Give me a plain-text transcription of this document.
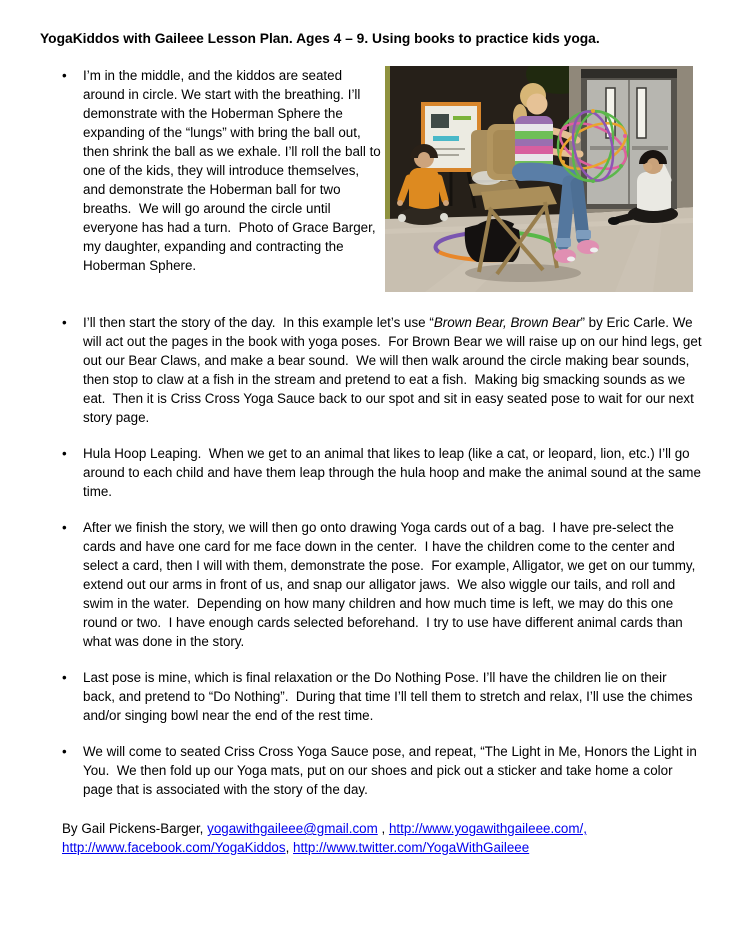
YogaKiddos with Gaileee Lesson Plan. Ages 4 – 9. Using books to practice kids yoga.

• I’m in the middle, and the kiddos are seated around in circle. We start with the breathing. I’ll demonstrate with the Hoberman Sphere the expanding of the “lungs” with bring the ball out, then shrink the ball as we exhale. I’ll roll the ball to one of the kids, they will introduce themselves, and demonstrate the Hoberman ball for two breaths.  We will go around the circle until everyone has had a turn.  Photo of Grace Barger, my daughter, expanding and contracting the Hoberman Sphere.
• I’ll then start the story of the day.  In this example let’s use “Brown Bear, Brown Bear” by Eric Carle. We will act out the pages in the book with yoga poses.  For Brown Bear we will raise up on our hind legs, get out our Bear Claws, and make a bear sound.  We will then walk around the circle making bear sounds, then stop to claw at a fish in the stream and pretend to eat a fish.  Making big smacking sounds as we eat.  Then it is Criss Cross Yoga Sauce back to our spot and sit in easy seated pose to wait for our next story page.
• Hula Hoop Leaping.  When we get to an animal that likes to leap (like a cat, or leopard, lion, etc.) I’ll go around to each child and have them leap through the hula hoop and make the animal sound at the same time.
• After we finish the story, we will then go onto drawing Yoga cards out of a bag.  I have pre-select the cards and have one card for me face down in the center.  I have the children come to the center and select a card, then I will with them, demonstrate the pose.  For example, Alligator, we get on our tummy, extend out our arms in front of us, and snap our alligator jaws.  We also wiggle our tails, and roll and swim in the water.  Depending on how many children and how much time is left, we may do this one round or two.  I have enough cards selected beforehand.  I try to use have different animal cards than what was done in the story.
• Last pose is mine, which is final relaxation or the Do Nothing Pose. I’ll have the children lie on their back, and pretend to “Do Nothing”.  During that time I’ll tell them to stretch and relax, I’ll use the chimes and/or singing bowl near the end of the rest time.
• We will come to seated Criss Cross Yoga Sauce pose, and repeat, “The Light in Me, Honors the Light in You.  We then fold up our Yoga mats, put on our shoes and pick out a sticker and take home a color  page that is associated with the story of the day.

By Gail Pickens-Barger, yogawithgaileee@gmail.com , http://www.yogawithgaileee.com/, http://www.facebook.com/YogaKiddos, http://www.twitter.com/YogaWithGaileee
